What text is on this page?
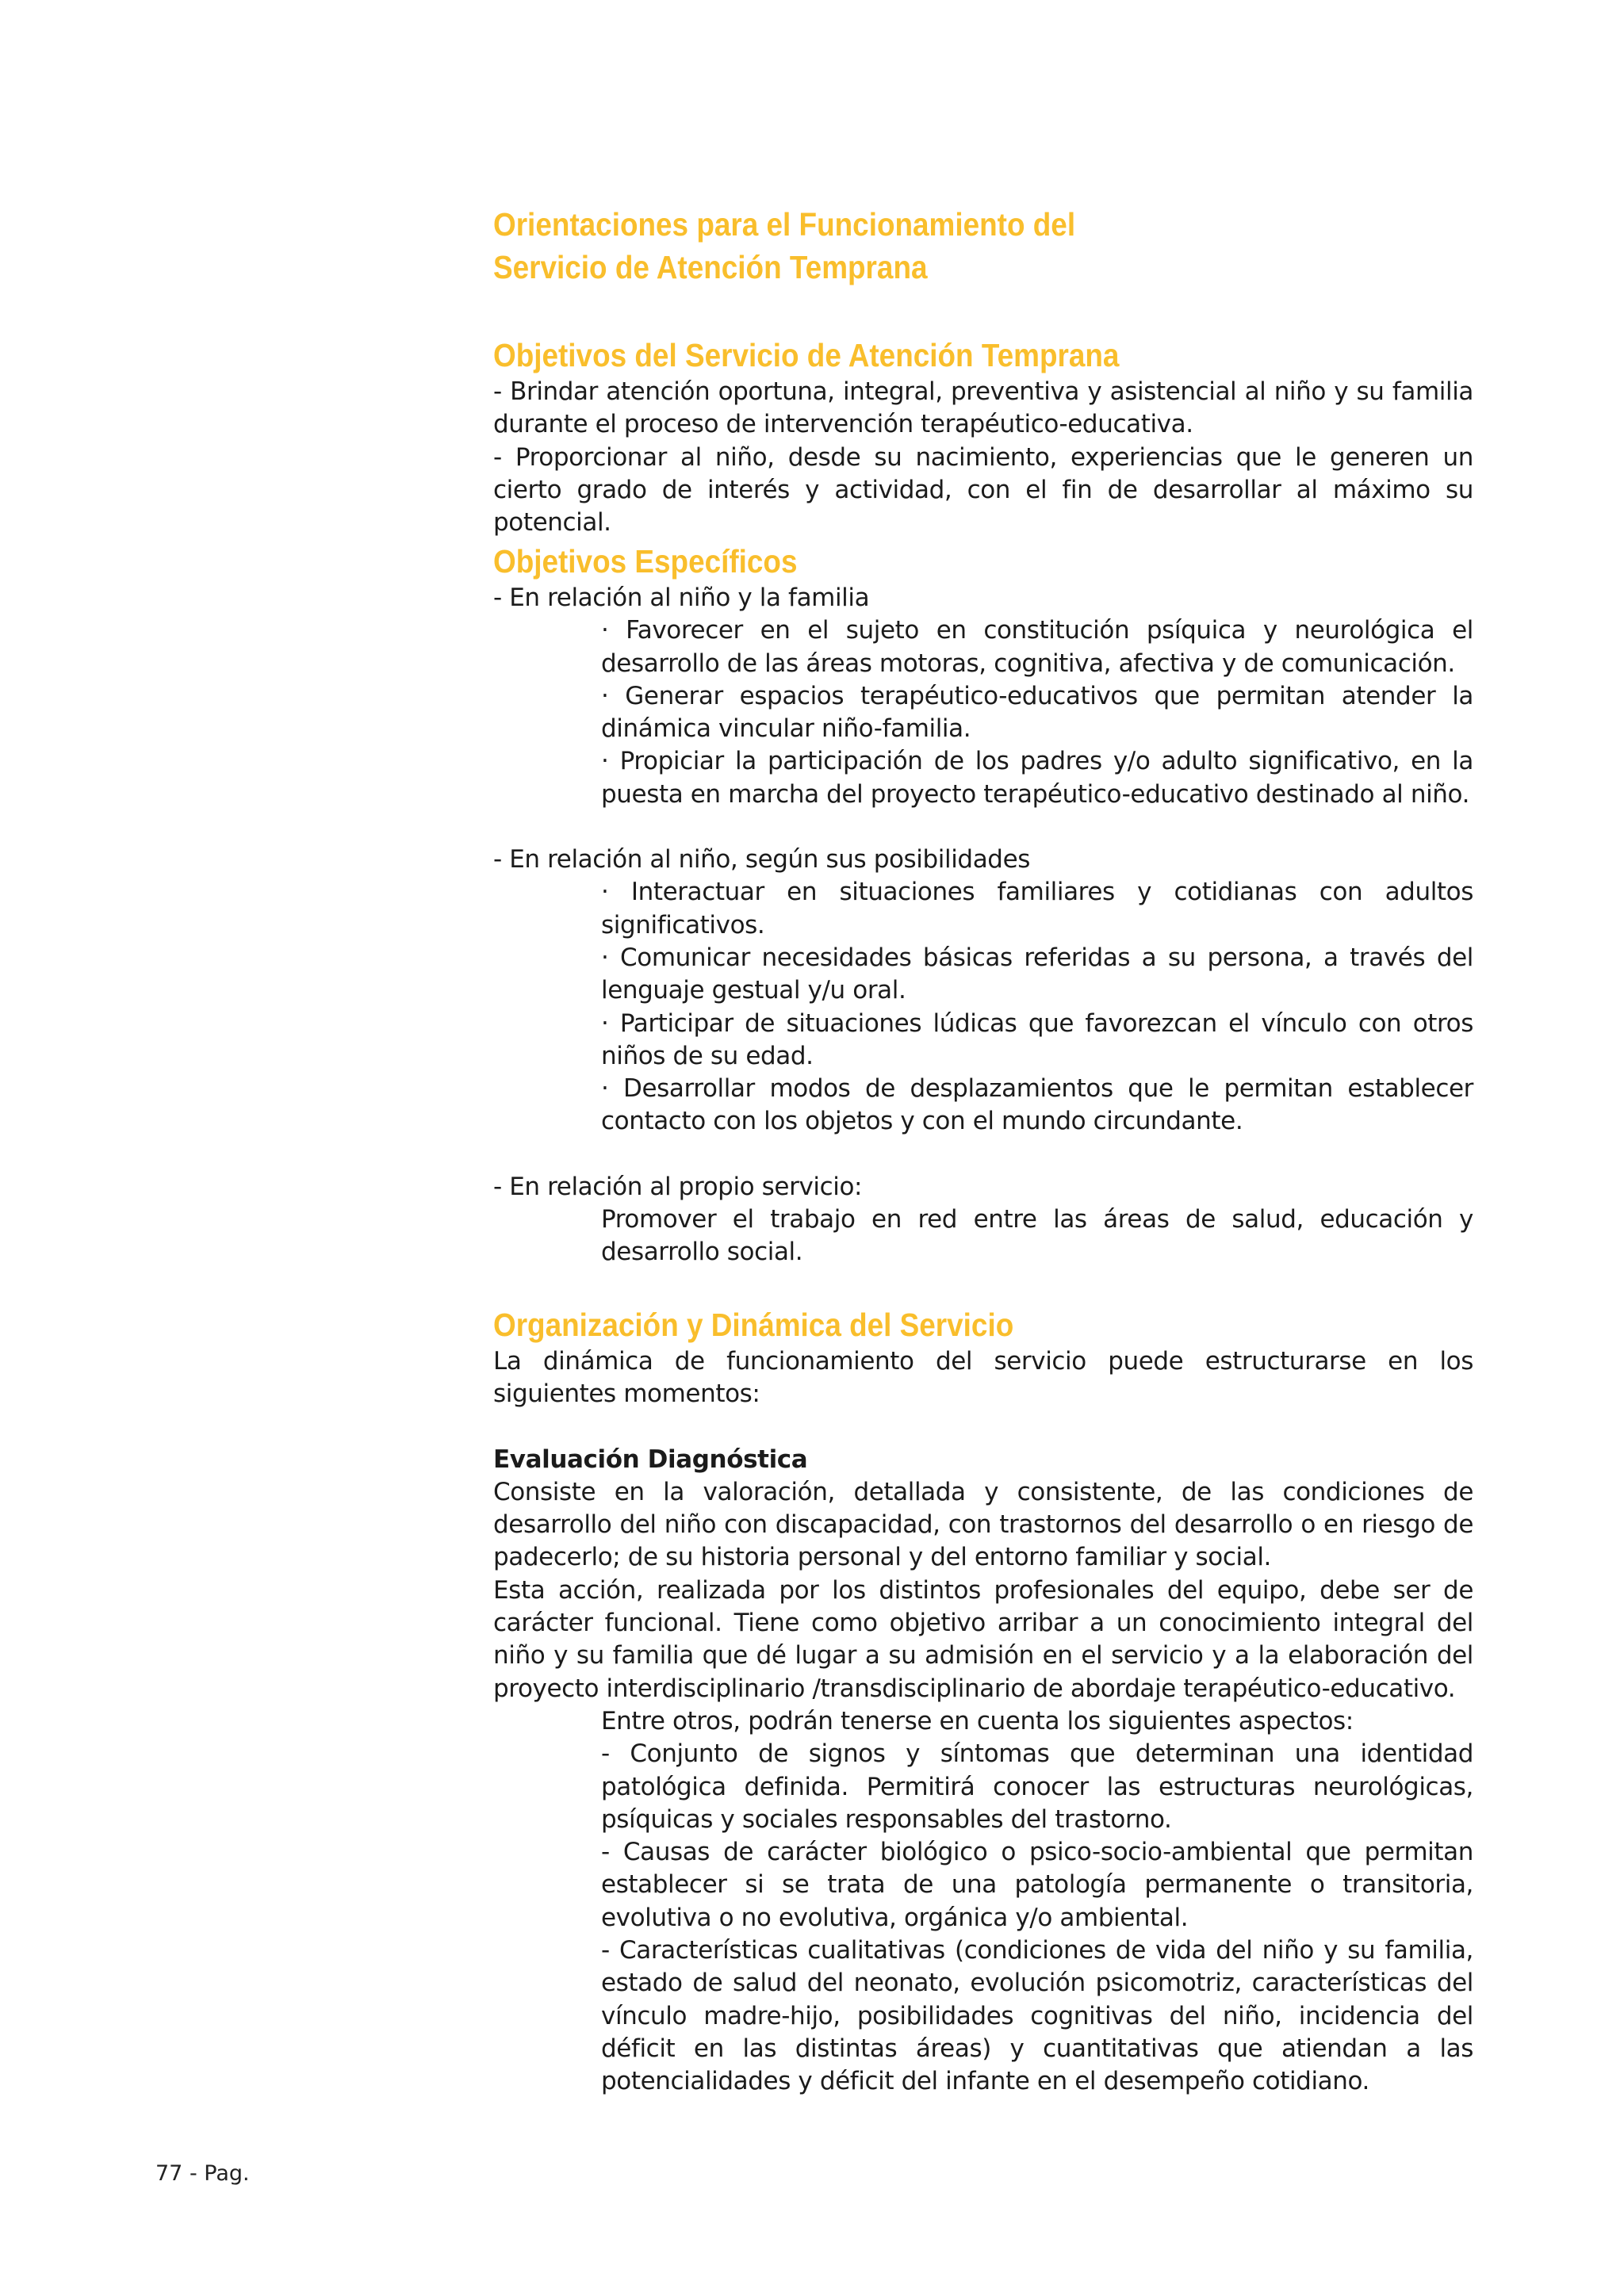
Orientaciones para el Funcionamiento del
Servicio de Atención Temprana
Objetivos del Servicio de Atención Temprana

- Brindar atención oportuna, integral, preventiva y asistencial al niño y su familia durante el proceso de intervención terapéutico-educativa.

- Proporcionar al niño, desde su nacimiento, experiencias que le generen un cierto grado de interés y actividad, con el fin de desarrollar al máximo su potencial.

Objetivos Específicos

- En relación al niño y la familia

· Favorecer en el sujeto en constitución psíquica y neurológica el desarrollo de las áreas motoras, cognitiva, afectiva y de comunicación.

· Generar espacios terapéutico-educativos que permitan atender la dinámica vincular niño-familia.

· Propiciar la participación de los padres y/o adulto significativo, en la puesta en marcha del proyecto terapéutico-educativo destinado al niño.

- En relación al niño, según sus posibilidades

· Interactuar en situaciones familiares y cotidianas con adultos significativos.

· Comunicar necesidades básicas referidas a su persona, a través del lenguaje gestual y/u oral.

· Participar de situaciones lúdicas que favorezcan el vínculo con otros niños de su edad.

· Desarrollar modos de desplazamientos que le permitan establecer contacto con los objetos y con el mundo circundante.

- En relación al propio servicio:

Promover el trabajo en red entre las áreas de salud, educación y desarrollo social.

Organización y Dinámica del Servicio

La dinámica de funcionamiento del servicio puede estructurarse en los siguientes momentos:

Evaluación Diagnóstica

Consiste en la valoración, detallada y consistente, de las condiciones de desarrollo del niño con discapacidad, con trastornos del desarrollo o en riesgo de padecerlo; de su historia personal y del entorno familiar y social.

Esta acción, realizada por los distintos profesionales del equipo, debe ser de carácter funcional. Tiene como objetivo arribar a un conocimiento integral del niño y su familia que dé lugar a su admisión en el servicio y a la elaboración del proyecto interdisciplinario /transdisciplinario de abordaje terapéutico-educativo.

Entre otros, podrán tenerse en cuenta los siguientes aspectos:

- Conjunto de signos y síntomas que determinan una identidad patológica definida. Permitirá conocer las estructuras neurológicas, psíquicas y sociales responsables del trastorno.

- Causas de carácter biológico o psico-socio-ambiental que permitan establecer si se trata de una patología permanente o transitoria, evolutiva o no evolutiva, orgánica y/o ambiental.

- Características cualitativas (condiciones de vida del niño y su familia, estado de salud del neonato, evolución psicomotriz, características del vínculo madre-hijo, posibilidades cognitivas del niño, incidencia del déficit en las distintas áreas) y cuantitativas que atiendan a las potencialidades y déficit del infante en el desempeño cotidiano.

77 - Pag.
